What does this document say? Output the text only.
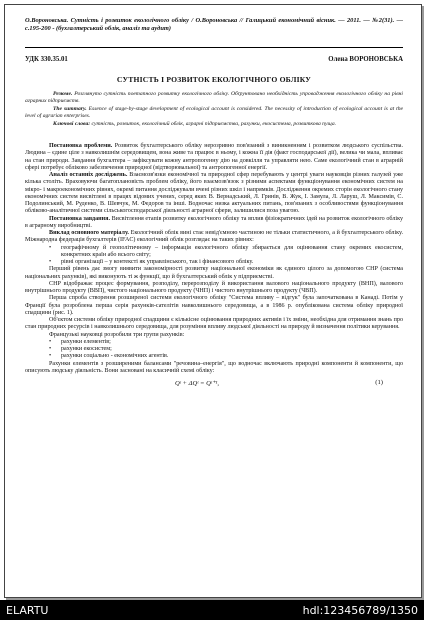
О.Вороновська. Сутність і розвиток екологічного обліку / О.Вороновська // Галицький економічний вісник. — 2011. — №2(31). — с.195-200 - (бухгалтерський облік, аналіз та аудит)
УДК 330.35.01	Олена ВОРОНОВСЬКА
СУТНІСТЬ І РОЗВИТОК ЕКОЛОГІЧНОГО ОБЛІКУ
Резюме. Розглянуто сутність поетапного розвитку екологічного обліку. Обґрунтовано необхідність упровадження екологічного обліку на рівні аграрних підприємств.
The summary. Essence of stage-by-stage development of ecological account is considered. The necessity of introduction of ecological account is at the level of agrarian enterprises.
Ключові слова: сутність, розвиток, екологічний облік, аграрні підприємства, рахунки, екосистема, розвиткова пуща.

Постановка проблеми. Розвиток бухгалтерського обліку нерозривно пов'язаний з виникненням і розвитком людського суспільства. Людина – єдине ціле з навколишнім середовищем, вона живе та працює в ньому, і кожна її дія (факт господарської дії), велика чи мала, впливає на стан природи. Завдання бухгалтера – зафіксувати кожну антропогенну дію на довкілля та управляти нею. Саме екологічний стан в аграрній сфері потребує обліково забезпечення природної (відтворювальної) та антропогенної енергії.

Аналіз останніх досліджень. Взаємозв'язки економічної та природної сфер перебувають у центрі уваги науковців різних галузей уже кілька століть. Враховуючи багатоплановість проблем обліку, його взаємозв'язок з різними аспектами функціонування економічних систем на мікро- і макроекономічних рівнях, окремі питання досліджували вчені різних шкіл і напрямків. Дослідження окремих сторін екологічного стану економічних систем висвітлені в працях відомих учених, серед яких В. Вернадський, Л. Гринів, В. Жук, І. Замула, Л. Ларуш, Л. Максимів, С. Подолинський, М. Руденко, В. Шевчук, М. Федоров та інші. Водночас низка актуальних питань, пов'язаних з особливостями функціонування обліково-аналітичної системи сільськогосподарської діяльності аграрної сфери, залишилися поза увагою.

Постановка завдання. Висвітлення етапів розвитку екологічного обліку та вплив фізіократичних ідей на розвиток екологічного обліку в аграрному виробництві.

Виклад основного матеріалу. Екологічний облік вині стає невід'ємною частиною не тільки статистичного, а й бухгалтерського обліку. Міжнародна федерація бухгалтерів (IFAC) екологічний облік розглядає на таких рівнях:

• географічному й геополітичному – інформація екологічного обліку збирається для оцінювання стану окремих екосистем, конкретних країн або всього світу;

• рівні організації – у контексті як управлінського, так і фінансового обліку.

Перший рівень дає змогу виявити закономірності розвитку національної економіки як єдиного цілого за допомогою СНР (система національних рахунків), які виконують ті ж функції, що й бухгалтерський облік у підприємстві.

СНР відображає процес формування, розподілу, перерозподілу й використання валового національного продукту (ВНП), валового внутрішнього продукту (ВВП), чистого національного продукту (ЧНП) і чистого внутрішнього продукту (ЧВП).

Перша спроба створення розширеної системи екологічного обліку "Система впливу – відгук" була започаткована в Канаді. Потім у Франції була розроблена перша серія рахунків-сателітів навколишнього середовища, а в 1986 р. опублікована система обліку природної спадщини (рис. 1).

Об'єктом системи обліку природної спадщини є кількісне оцінювання природних активів і їх зміни, необхідна для отримання знань про стан природних ресурсів і навколишнього середовища, для розуміння впливу людської діяльності на природу й визначення політики керування.

Французькі науковці розробили три групи рахунків:

• рахунки елементів;

• рахунки екосистем;

• рахунки соціально - економічних агентів.

Рахунки елементів з розширеними балансами "речовина–енергія", що водночас включають природні компоненти й компоненти, що описують людську діяльність. Вони засновані на класичній схемі обліку:

Qᵗ + ΔQᵗ = Qᵗ⁺¹,	(1)
ELARTU	hdl:123456789/1350
